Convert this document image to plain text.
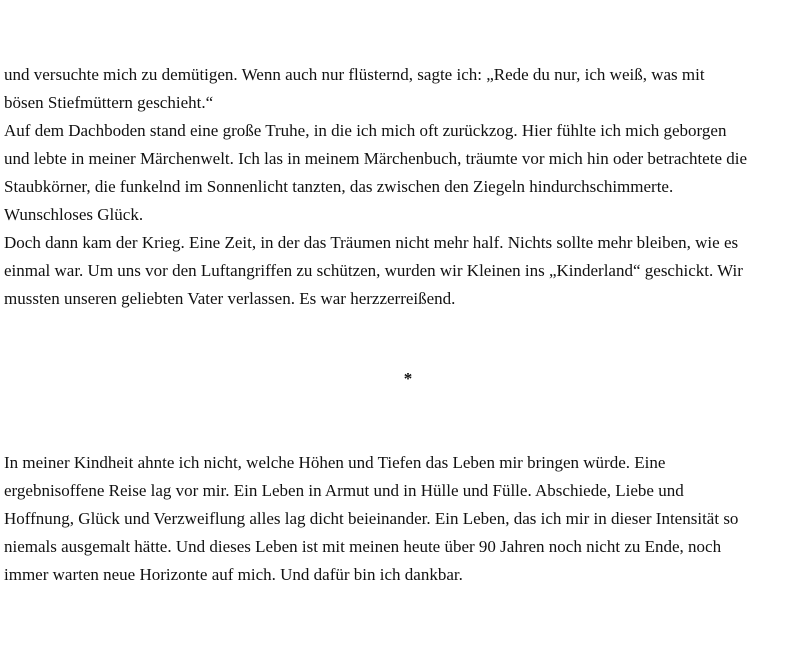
und versuchte mich zu demütigen. Wenn auch nur flüsternd, sagte ich: „Rede du nur, ich weiß, was mit
bösen Stiefmüttern geschieht.“
Auf dem Dachboden stand eine große Truhe, in die ich mich oft zurückzog. Hier fühlte ich mich geborgen
und lebte in meiner Märchenwelt. Ich las in meinem Märchenbuch, träumte vor mich hin oder betrachtete die
Staubkörner, die funkelnd im Sonnenlicht tanzten, das zwischen den Ziegeln hindurchschimmerte.
Wunschloses Glück.
Doch dann kam der Krieg. Eine Zeit, in der das Träumen nicht mehr half. Nichts sollte mehr bleiben, wie es
einmal war. Um uns vor den Luftangriffen zu schützen, wurden wir Kleinen ins „Kinderland“ geschickt. Wir
mussten unseren geliebten Vater verlassen. Es war herzzerreißend.
*
In meiner Kindheit ahnte ich nicht, welche Höhen und Tiefen das Leben mir bringen würde. Eine
ergebnisoffene Reise lag vor mir. Ein Leben in Armut und in Hülle und Fülle. Abschiede, Liebe und
Hoffnung, Glück und Verzweiflung alles lag dicht beieinander. Ein Leben, das ich mir in dieser Intensität so
niemals ausgemalt hätte. Und dieses Leben ist mit meinen heute über 90 Jahren noch nicht zu Ende, noch
immer warten neue Horizonte auf mich. Und dafür bin ich dankbar.
